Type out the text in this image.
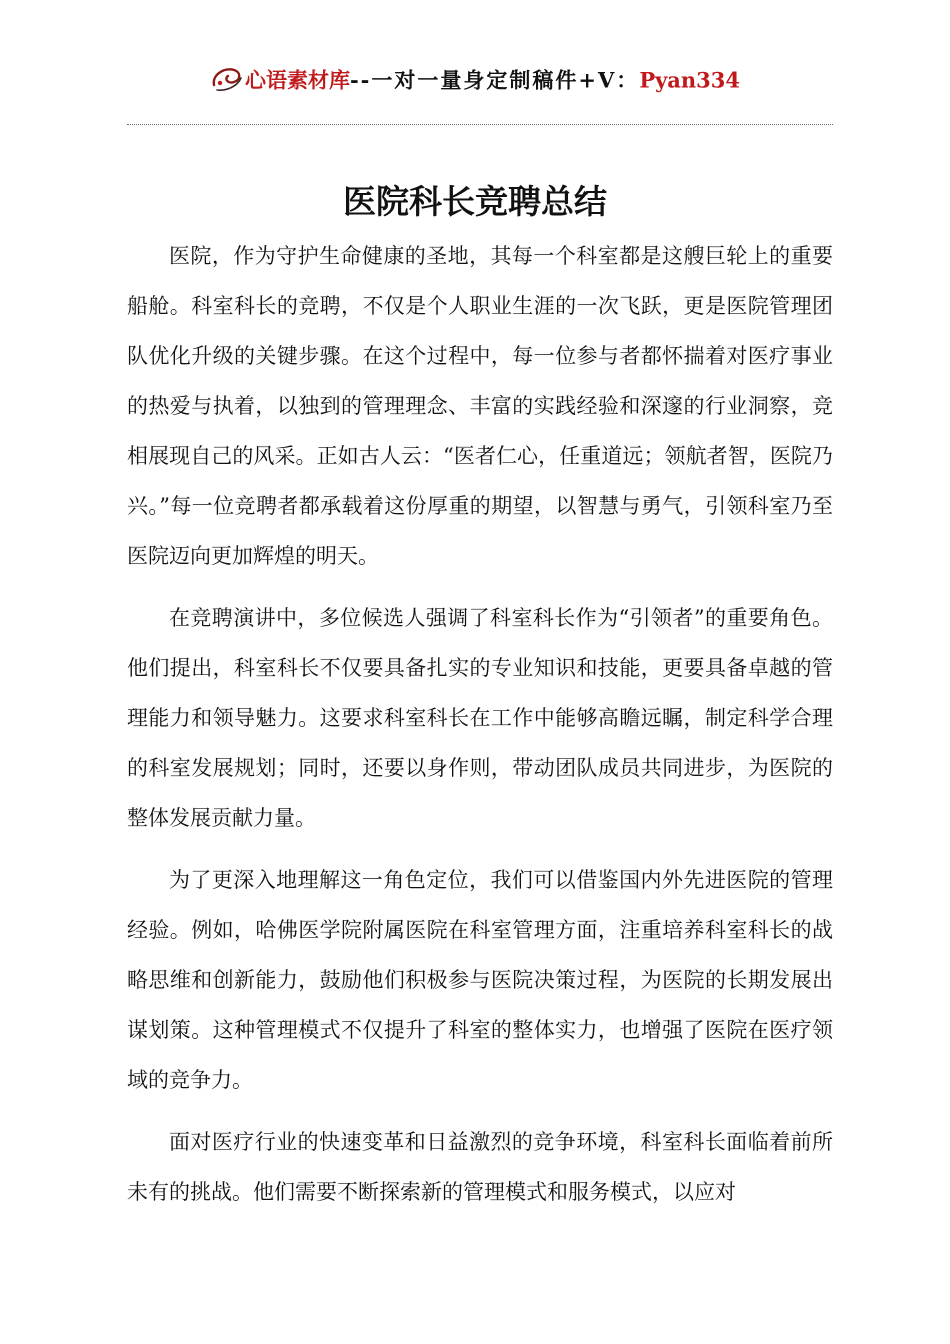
心语素材库--一对一量身定制稿件+V：Pyan334
医院科长竞聘总结

医院，作为守护生命健康的圣地，其每一个科室都是这艘巨轮上的重要船舱。科室科长的竞聘，不仅是个人职业生涯的一次飞跃，更是医院管理团队优化升级的关键步骤。在这个过程中，每一位参与者都怀揣着对医疗事业的热爱与执着，以独到的管理理念、丰富的实践经验和深邃的行业洞察，竞相展现自己的风采。正如古人云：“医者仁心，任重道远；领航者智，医院乃兴。”每一位竞聘者都承载着这份厚重的期望，以智慧与勇气，引领科室乃至医院迈向更加辉煌的明天。

在竞聘演讲中，多位候选人强调了科室科长作为“引领者”的重要角色。他们提出，科室科长不仅要具备扎实的专业知识和技能，更要具备卓越的管理能力和领导魅力。这要求科室科长在工作中能够高瞻远瞩，制定科学合理的科室发展规划；同时，还要以身作则，带动团队成员共同进步，为医院的整体发展贡献力量。

为了更深入地理解这一角色定位，我们可以借鉴国内外先进医院的管理经验。例如，哈佛医学院附属医院在科室管理方面，注重培养科室科长的战略思维和创新能力，鼓励他们积极参与医院决策过程，为医院的长期发展出谋划策。这种管理模式不仅提升了科室的整体实力，也增强了医院在医疗领域的竞争力。

面对医疗行业的快速变革和日益激烈的竞争环境，科室科长面临着前所未有的挑战。他们需要不断探索新的管理模式和服务模式，以应对
